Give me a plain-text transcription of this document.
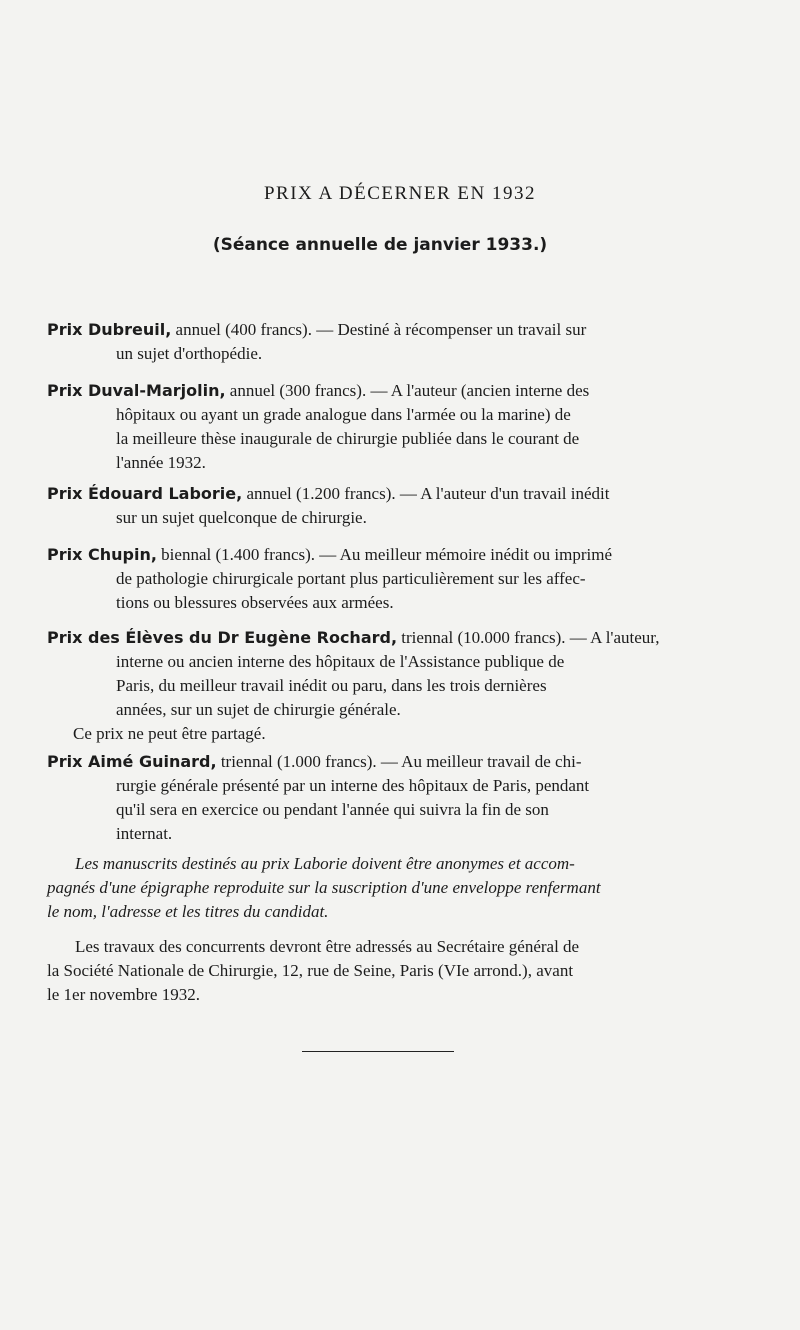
PRIX A DÉCERNER EN 1932
(Séance annuelle de janvier 1933.)
Prix Dubreuil, annuel (400 francs). — Destiné à récompenser un travail sur
un sujet d'orthopédie.
Prix Duval-Marjolin, annuel (300 francs). — A l'auteur (ancien interne des
hôpitaux ou ayant un grade analogue dans l'armée ou la marine) de
la meilleure thèse inaugurale de chirurgie publiée dans le courant de
l'année 1932.
Prix Édouard Laborie, annuel (1.200 francs). — A l'auteur d'un travail inédit
sur un sujet quelconque de chirurgie.
Prix Chupin, biennal (1.400 francs). — Au meilleur mémoire inédit ou imprimé
de pathologie chirurgicale portant plus particulièrement sur les affec-
tions ou blessures observées aux armées.
Prix des Élèves du Dr Eugène Rochard, triennal (10.000 francs). — A l'auteur,
interne ou ancien interne des hôpitaux de l'Assistance publique de
Paris, du meilleur travail inédit ou paru, dans les trois dernières
années, sur un sujet de chirurgie générale.
Ce prix ne peut être partagé.
Prix Aimé Guinard, triennal (1.000 francs). — Au meilleur travail de chi-
rurgie générale présenté par un interne des hôpitaux de Paris, pendant
qu'il sera en exercice ou pendant l'année qui suivra la fin de son
internat.
Les manuscrits destinés au prix Laborie doivent être anonymes et accom-
pagnés d'une épigraphe reproduite sur la suscription d'une enveloppe renfermant
le nom, l'adresse et les titres du candidat.
Les travaux des concurrents devront être adressés au Secrétaire général de
la Société Nationale de Chirurgie, 12, rue de Seine, Paris (VIe arrond.), avant
le 1er novembre 1932.
